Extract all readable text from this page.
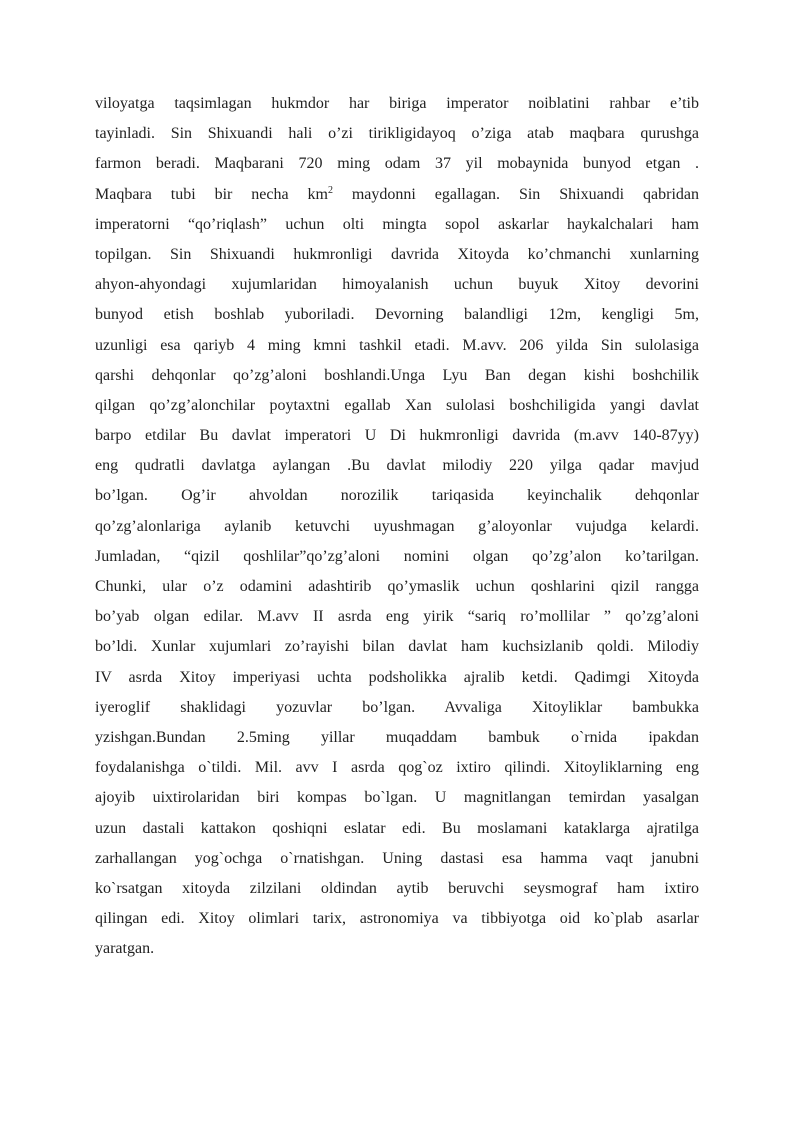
viloyatga taqsimlagan hukmdor har biriga imperator noiblatini rahbar e’tib
tayinladi. Sin Shixuandi hali o’zi tirikligidayoq o’ziga atab maqbara qurushga
farmon beradi. Maqbarani 720 ming odam 37 yil mobaynida bunyod etgan .
Maqbara tubi bir necha $km^2$ maydonni egallagan. Sin Shixuandi qabridan
imperatorni “qo’riqlash” uchun olti mingta sopol askarlar haykalchalari ham
topilgan. Sin Shixuandi hukmronligi davrida Xitoyda ko’chmanchi xunlarning
ahyon-ahyondagi xujumlaridan himoyalanish uchun buyuk Xitoy devorini
bunyod etish boshlab yuboriladi. Devorning balandligi 12m, kengligi 5m,
uzunligi esa qariyb 4 ming kmni tashkil etadi. M.avv. 206 yilda Sin sulolasiga
qarshi dehqonlar qo’zg’aloni boshlandi.Unga Lyu Ban degan kishi boshchilik
qilgan qo’zg’alonchilar poytaxtni egallab Xan sulolasi boshchiligida yangi davlat
barpo etdilar Bu davlat imperatori U Di hukmronligi davrida (m.avv 140-87yy)
eng qudratli davlatga aylangan .Bu davlat milodiy 220 yilga qadar mavjud
bo’lgan. Og’ir ahvoldan norozilik tariqasida keyinchalik dehqonlar
qo’zg’alonlariga aylanib ketuvchi uyushmagan g’aloyonlar vujudga kelardi.
Jumladan, “qizil qoshlilar”qo’zg’aloni nomini olgan qo’zg’alon ko’tarilgan.
Chunki, ular o’z odamini adashtirib qo’ymaslik uchun qoshlarini qizil rangga
bo’yab olgan edilar. M.avv II asrda eng yirik “sariq ro’mollilar ” qo’zg’aloni
bo’ldi. Xunlar xujumlari zo’rayishi bilan davlat ham kuchsizlanib qoldi. Milodiy
IV asrda Xitoy imperiyasi uchta podsholikka ajralib ketdi. Qadimgi Xitoyda
iyeroglif shaklidagi yozuvlar bo’lgan. Avvaliga Xitoyliklar bambukka
yzishgan.Bundan 2.5ming yillar muqaddam bambuk o`rnida ipakdan
foydalanishga o`tildi. Mil. avv I asrda qog`oz ixtiro qilindi. Xitoyliklarning eng
ajoyib uixtirolaridan biri kompas bo`lgan. U magnitlangan temirdan yasalgan
uzun dastali kattakon qoshiqni eslatar edi. Bu moslamani kataklarga ajratilga
zarhallangan yog`ochga o`rnatishgan. Uning dastasi esa hamma vaqt janubni
ko`rsatgan xitoyda zilzilani oldindan aytib beruvchi seysmograf ham ixtiro
qilingan edi. Xitoy olimlari tarix, astronomiya va tibbiyotga oid ko`plab asarlar
yaratgan.
